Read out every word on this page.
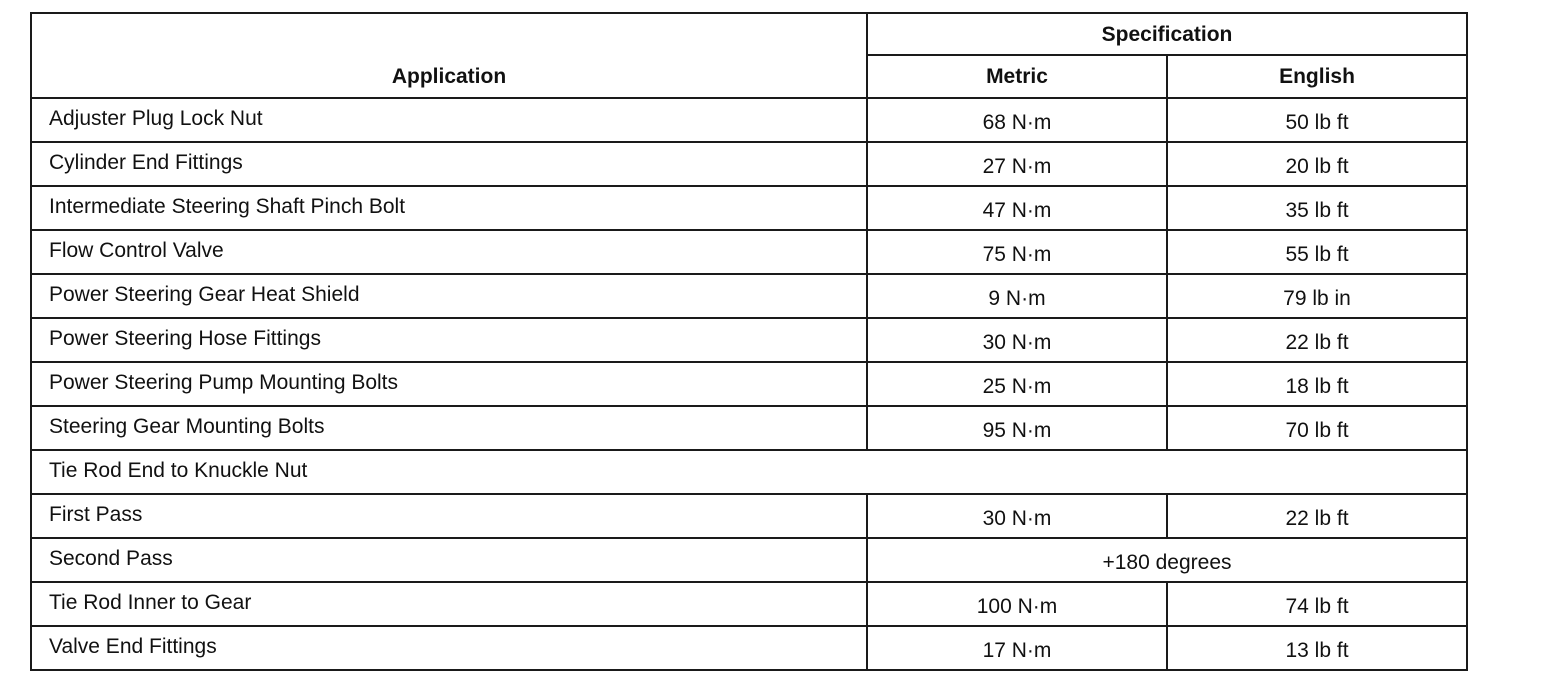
Application	Specification	
	Metric	English
Adjuster Plug Lock Nut	68 N·m	50 lb ft
Cylinder End Fittings	27 N·m	20 lb ft
Intermediate Steering Shaft Pinch Bolt	47 N·m	35 lb ft
Flow Control Valve	75 N·m	55 lb ft
Power Steering Gear Heat Shield	9 N·m	79 lb in
Power Steering Hose Fittings	30 N·m	22 lb ft
Power Steering Pump Mounting Bolts	25 N·m	18 lb ft
Steering Gear Mounting Bolts	95 N·m	70 lb ft
Tie Rod End to Knuckle Nut		
First Pass	30 N·m	22 lb ft
Second Pass	+180 degrees	
Tie Rod Inner to Gear	100 N·m	74 lb ft
Valve End Fittings	17 N·m	13 lb ft
